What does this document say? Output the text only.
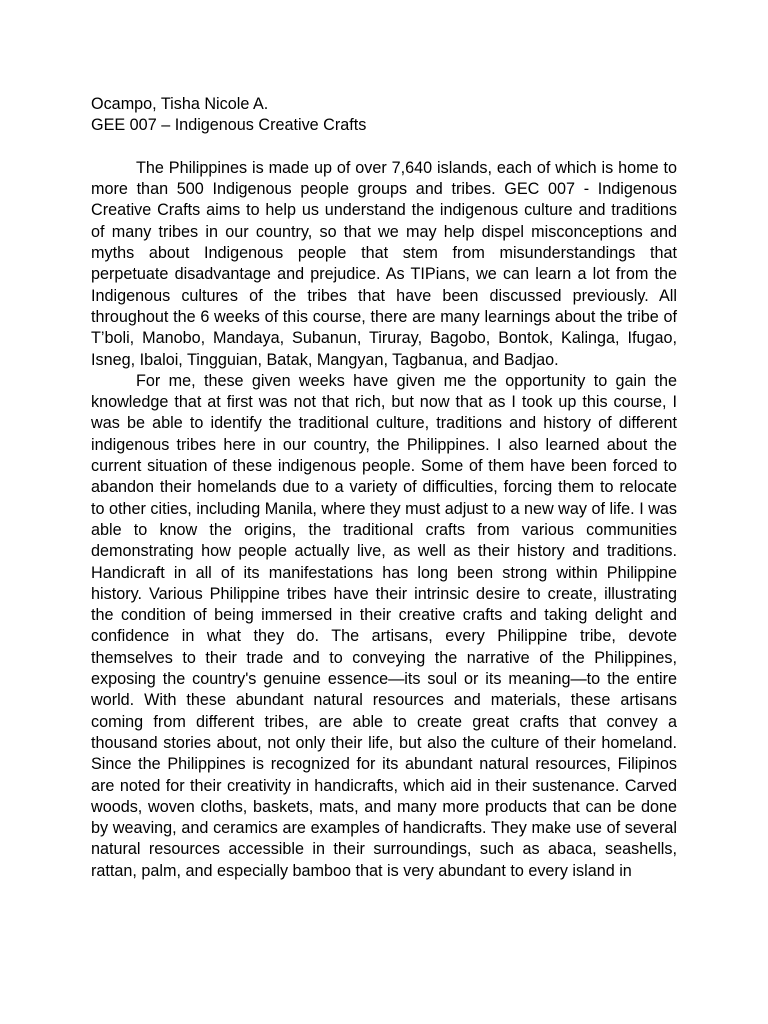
Ocampo, Tisha Nicole A.

GEE 007 – Indigenous Creative Crafts

The Philippines is made up of over 7,640 islands, each of which is home to more than 500 Indigenous people groups and tribes. GEC 007 - Indigenous Creative Crafts aims to help us understand the indigenous culture and traditions of many tribes in our country, so that we may help dispel misconceptions and myths about Indigenous people that stem from misunderstandings that perpetuate disadvantage and prejudice. As TIPians, we can learn a lot from the Indigenous cultures of the tribes that have been discussed previously. All throughout the 6 weeks of this course, there are many learnings about the tribe of T’boli, Manobo, Mandaya, Subanun, Tiruray, Bagobo, Bontok, Kalinga, Ifugao, Isneg, Ibaloi, Tingguian, Batak, Mangyan, Tagbanua, and Badjao.

For me, these given weeks have given me the opportunity to gain the knowledge that at first was not that rich, but now that as I took up this course, I was be able to identify the traditional culture, traditions and history of different indigenous tribes here in our country, the Philippines. I also learned about the current situation of these indigenous people. Some of them have been forced to abandon their homelands due to a variety of difficulties, forcing them to relocate to other cities, including Manila, where they must adjust to a new way of life. I was able to know the origins, the traditional crafts from various communities demonstrating how people actually live, as well as their history and traditions. Handicraft in all of its manifestations has long been strong within Philippine history. Various Philippine tribes have their intrinsic desire to create, illustrating the condition of being immersed in their creative crafts and taking delight and confidence in what they do. The artisans, every Philippine tribe, devote themselves to their trade and to conveying the narrative of the Philippines, exposing the country's genuine essence—its soul or its meaning—to the entire world. With these abundant natural resources and materials, these artisans coming from different tribes, are able to create great crafts that convey a thousand stories about, not only their life, but also the culture of their homeland. Since the Philippines is recognized for its abundant natural resources, Filipinos are noted for their creativity in handicrafts, which aid in their sustenance. Carved woods, woven cloths, baskets, mats, and many more products that can be done by weaving, and ceramics are examples of handicrafts. They make use of several natural resources accessible in their surroundings, such as abaca, seashells, rattan, palm, and especially bamboo that is very abundant to every island in
